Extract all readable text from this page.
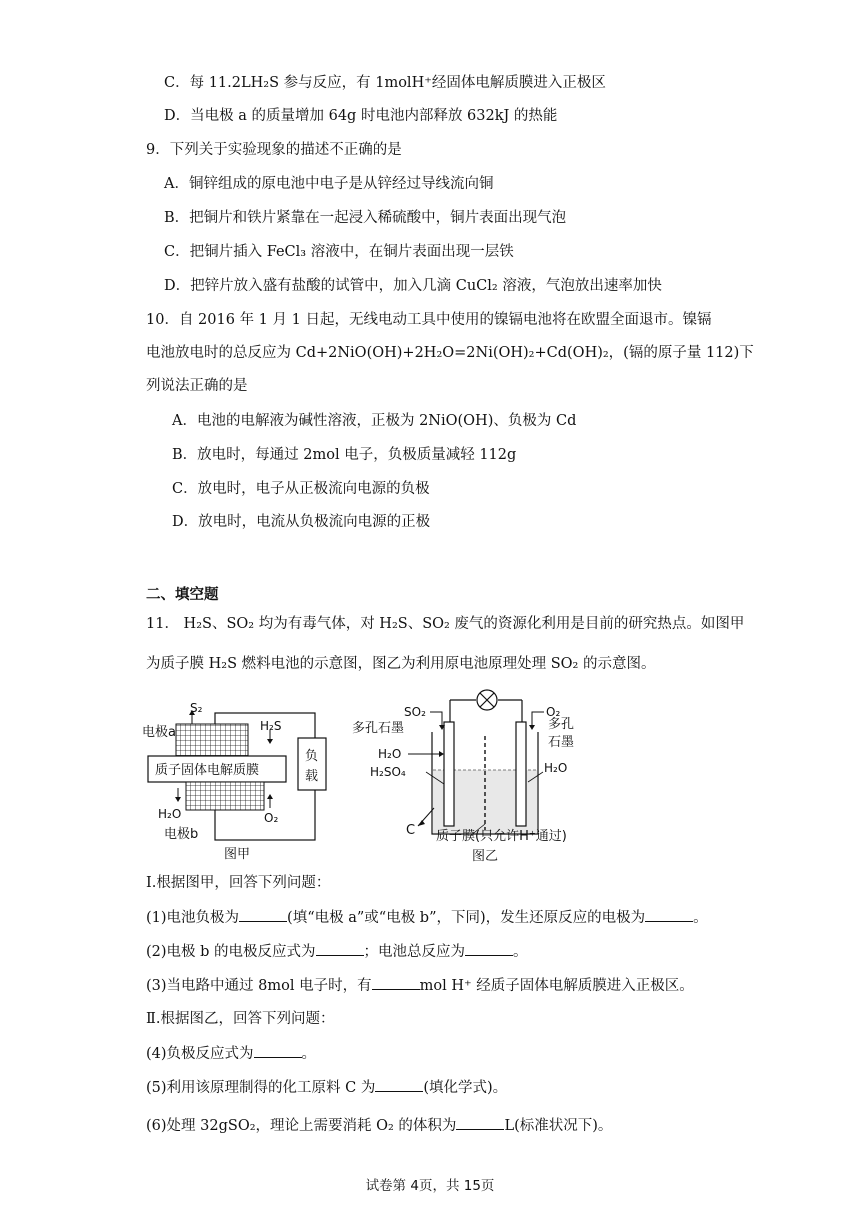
C．每 11.2LH₂S 参与反应，有 1molH⁺经固体电解质膜进入正极区
D．当电极 a 的质量增加 64g 时电池内部释放 632kJ 的热能
9．下列关于实验现象的描述不正确的是
A．铜锌组成的原电池中电子是从锌经过导线流向铜
B．把铜片和铁片紧靠在一起浸入稀硫酸中，铜片表面出现气泡
C．把铜片插入 FeCl₃ 溶液中，在铜片表面出现一层铁
D．把锌片放入盛有盐酸的试管中，加入几滴 CuCl₂ 溶液，气泡放出速率加快
10．自 2016 年 1 月 1 日起，无线电动工具中使用的镍镉电池将在欧盟全面退市。镍镉
电池放电时的总反应为 Cd+2NiO(OH)+2H₂O=2Ni(OH)₂+Cd(OH)₂，(镉的原子量 112)下
列说法正确的是
A．电池的电解液为碱性溶液，正极为 2NiO(OH)、负极为 Cd
B．放电时，每通过 2mol 电子，负极质量减轻 112g
C．放电时，电子从正极流向电源的负极
D．放电时，电流从负极流向电源的正极
二、填空题
11． H₂S、SO₂ 均为有毒气体，对 H₂S、SO₂ 废气的资源化利用是目前的研究热点。如图甲
为质子膜 H₂S 燃料电池的示意图，图乙为利用原电池原理处理 SO₂ 的示意图。
负
载
质子固体电解质膜
S₂
H₂S
电极a
H₂O	O₂
电极b
图甲
SO₂	O₂
多孔石墨	多孔
石墨
H₂O
H₂SO₄	H₂O
C 质子膜(只允许H⁺通过)
图乙
Ⅰ.根据图甲，回答下列问题：
(1)电池负极为	(填“电极 a”或“电极 b”，下同)，发生还原反应的电极为	。
(2)电极 b 的电极反应式为	；电池总反应为	。
(3)当电路中通过 8mol 电子时，有	mol H⁺ 经质子固体电解质膜进入正极区。
Ⅱ.根据图乙，回答下列问题：
(4)负极反应式为	。
(5)利用该原理制得的化工原料 C 为	(填化学式)。
(6)处理 32gSO₂，理论上需要消耗 O₂ 的体积为	L(标准状况下)。
试卷第 4页，共 15页
